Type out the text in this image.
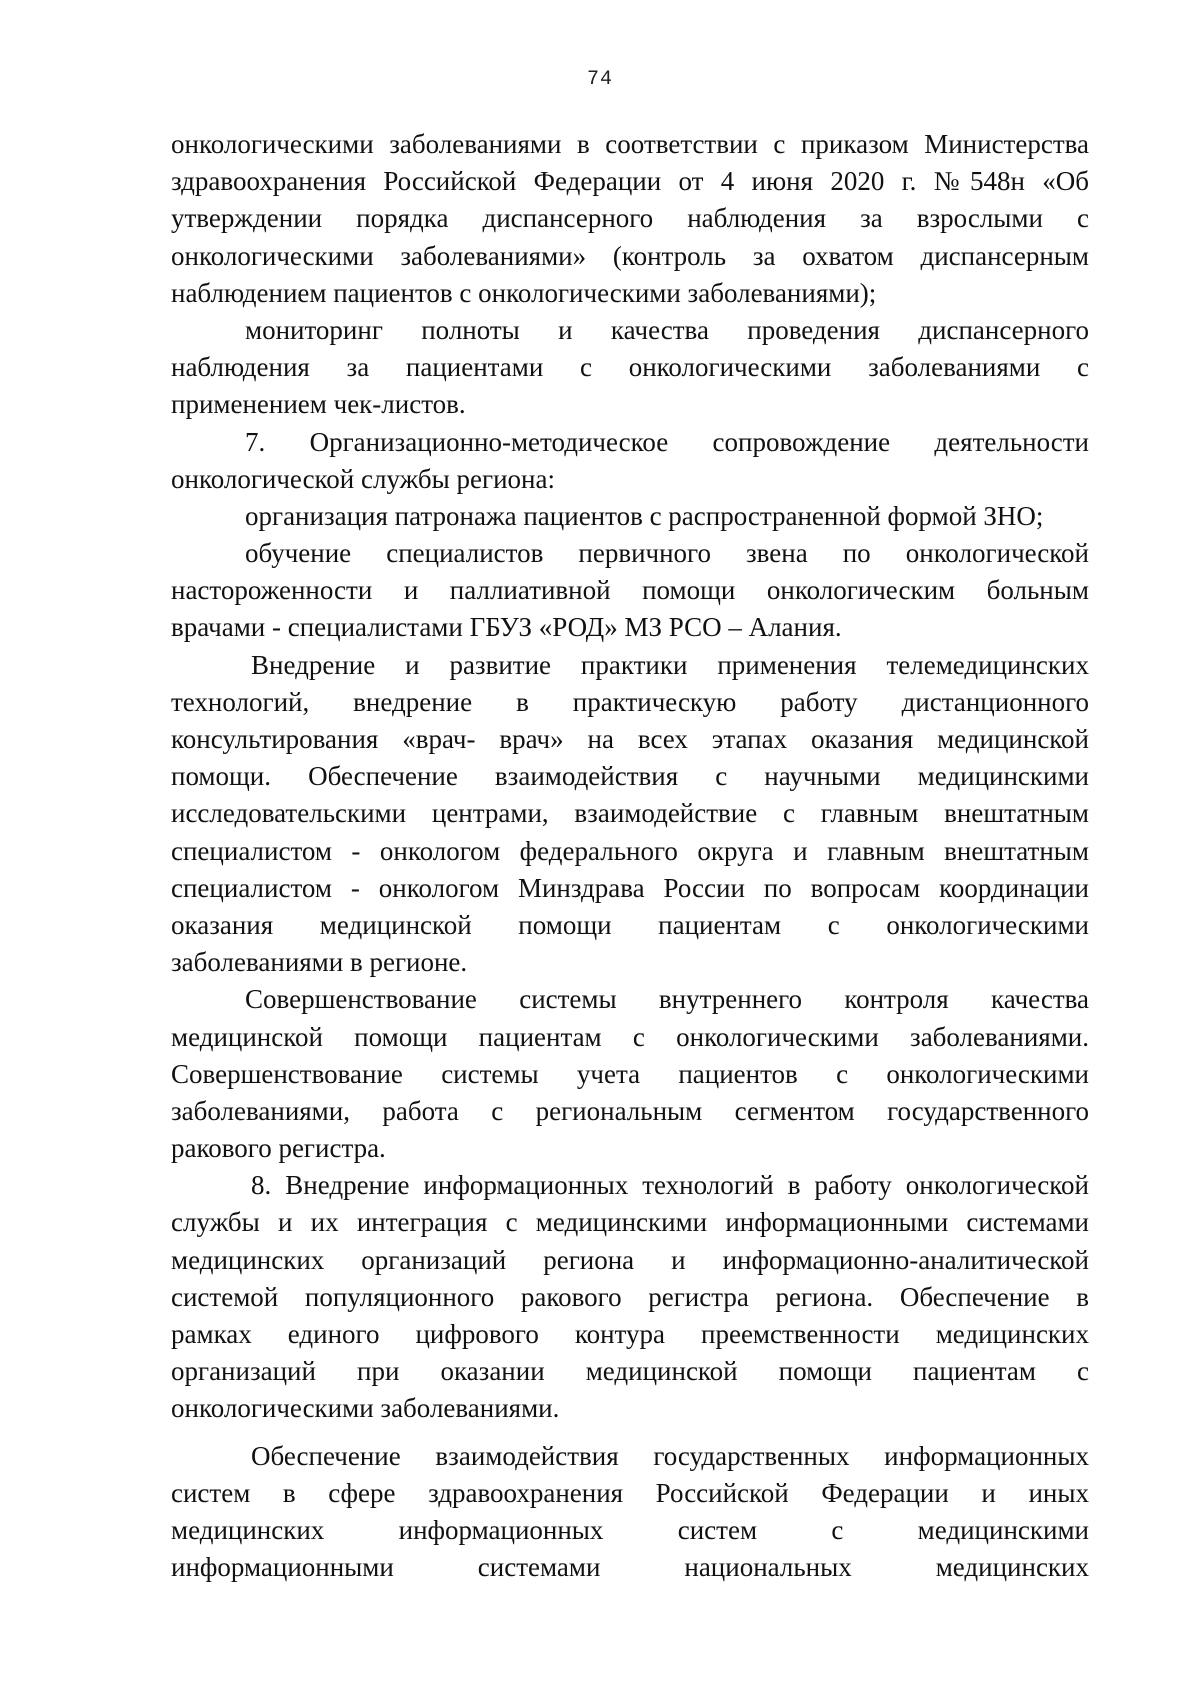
74
онкологическими заболеваниями в соответствии с приказом Министерства
здравоохранения Российской Федерации от 4 июня 2020 г. №548н «Об
утверждении порядка диспансерного наблюдения за взрослыми с
онкологическими заболеваниями» (контроль за охватом диспансерным
наблюдением пациентов с онкологическими заболеваниями);
мониторинг полноты и качества проведения диспансерного
наблюдения за пациентами с онкологическими заболеваниями с
применением чек-листов.
7. Организационно-методическое сопровождение деятельности
онкологической службы региона:
организация патронажа пациентов с распространенной формой ЗНО;
обучение специалистов первичного звена по онкологической
настороженности и паллиативной помощи онкологическим больным
врачами - специалистами ГБУЗ «РОД» МЗ РСО – Алания.
Внедрение и развитие практики применения телемедицинских
технологий, внедрение в практическую работу дистанционного
консультирования «врач- врач» на всех этапах оказания медицинской
помощи. Обеспечение взаимодействия с научными медицинскими
исследовательскими центрами, взаимодействие с главным внештатным
специалистом - онкологом федерального округа и главным внештатным
специалистом - онкологом Минздрава России по вопросам координации
оказания медицинской помощи пациентам с онкологическими
заболеваниями в регионе.
Совершенствование системы внутреннего контроля качества
медицинской помощи пациентам с онкологическими заболеваниями.
Совершенствование системы учета пациентов с онкологическими
заболеваниями, работа с региональным сегментом государственного
ракового регистра.
8. Внедрение информационных технологий в работу онкологической
службы и их интеграция с медицинскими информационными системами
медицинских организаций региона и информационно-аналитической
системой популяционного ракового регистра региона. Обеспечение в
рамках единого цифрового контура преемственности медицинских
организаций при оказании медицинской помощи пациентам с
онкологическими заболеваниями.
Обеспечение взаимодействия государственных информационных
систем в сфере здравоохранения Российской Федерации и иных
медицинских информационных систем с медицинскими
информационными системами национальных медицинских
